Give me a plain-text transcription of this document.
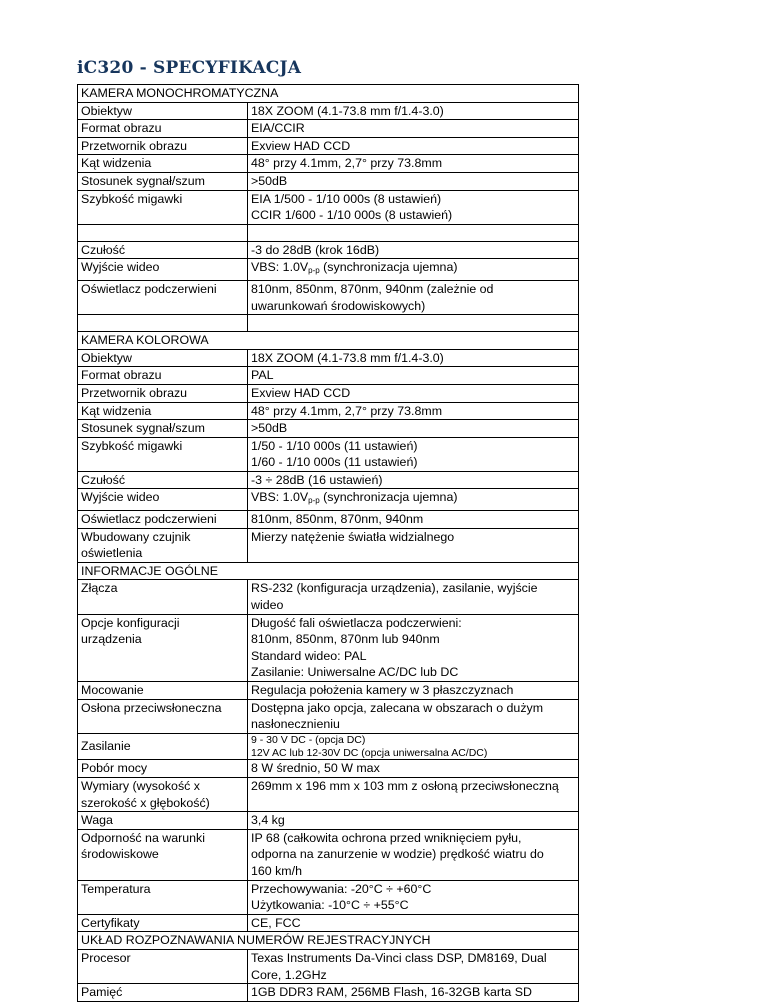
iC320 - SPECYFIKACJA
KAMERA MONOCHROMATYCZNA	
Obiektyw	18X ZOOM (4.1-73.8 mm f/1.4-3.0)
Format obrazu	EIA/CCIR
Przetwornik obrazu	Exview HAD CCD
Kąt widzenia	48° przy 4.1mm, 2,7° przy 73.8mm
Stosunek sygnał/szum	>50dB
Szybkość migawki	EIA 1/500 - 1/10 000s (8 ustawień)
CCIR 1/600 - 1/10 000s (8 ustawień)

Czułość	-3 do 28dB (krok 16dB)
Wyjście wideo	VBS: $1.0V_{p-p}$ (synchronizacja ujemna)
Oświetlacz podczerwieni	810nm, 850nm, 870nm, 940nm (zależnie od
uwarunkowań środowiskowych)

KAMERA KOLOROWA	
Obiektyw	18X ZOOM (4.1-73.8 mm f/1.4-3.0)
Format obrazu	PAL
Przetwornik obrazu	Exview HAD CCD
Kąt widzenia	48° przy 4.1mm, 2,7° przy 73.8mm
Stosunek sygnał/szum	>50dB
Szybkość migawki	1/50 - 1/10 000s (11 ustawień)
1/60 - 1/10 000s (11 ustawień)

Czułość	-3 ÷ 28dB (16 ustawień)
Wyjście wideo	VBS: $1.0V_{p-p}$ (synchronizacja ujemna)
Oświetlacz podczerwieni	810nm, 850nm, 870nm, 940nm

Wbudowany czujnik
oświetlenia	Mierzy natężenie światła widzialnego
INFORMACJE OGÓLNE	
Złącza	RS-232 (konfiguracja urządzenia), zasilanie, wyjście
wideo

Opcje konfiguracji
urządzenia	Długość fali oświetlacza podczerwieni:
810nm, 850nm, 870nm lub 940nm
Standard wideo: PAL
Zasilanie: Uniwersalne AC/DC lub DC

Mocowanie	Regulacja położenia kamery w 3 płaszczyznach
Osłona przeciwsłoneczna	Dostępna jako opcja, zalecana w obszarach o dużym
nasłonecznieniu

Zasilanie	9 - 30 V DC - (opcja DC)
12V AC lub 12-30V DC (opcja uniwersalna AC/DC)

Pobór mocy	8 W średnio, 50 W max

Wymiary (wysokość x
szerokość x głębokość)	269mm x 196 mm x 103 mm z osłoną przeciwsłoneczną
Waga	3,4 kg

Odporność na warunki
środowiskowe	IP 68 (całkowita ochrona przed wniknięciem pyłu,
odporna na zanurzenie w wodzie) prędkość wiatru do
160 km/h

Temperatura	Przechowywania: -20°C ÷ +60°C
Użytkowania: -10°C ÷ +55°C

Certyfikaty	CE, FCC
UKŁAD ROZPOZNAWANIA NUMERÓW REJESTRACYJNYCH	
Procesor	Texas Instruments Da-Vinci class DSP, DM8169, Dual
Core, 1.2GHz

Pamięć	1GB DDR3 RAM, 256MB Flash, 16-32GB karta SD
